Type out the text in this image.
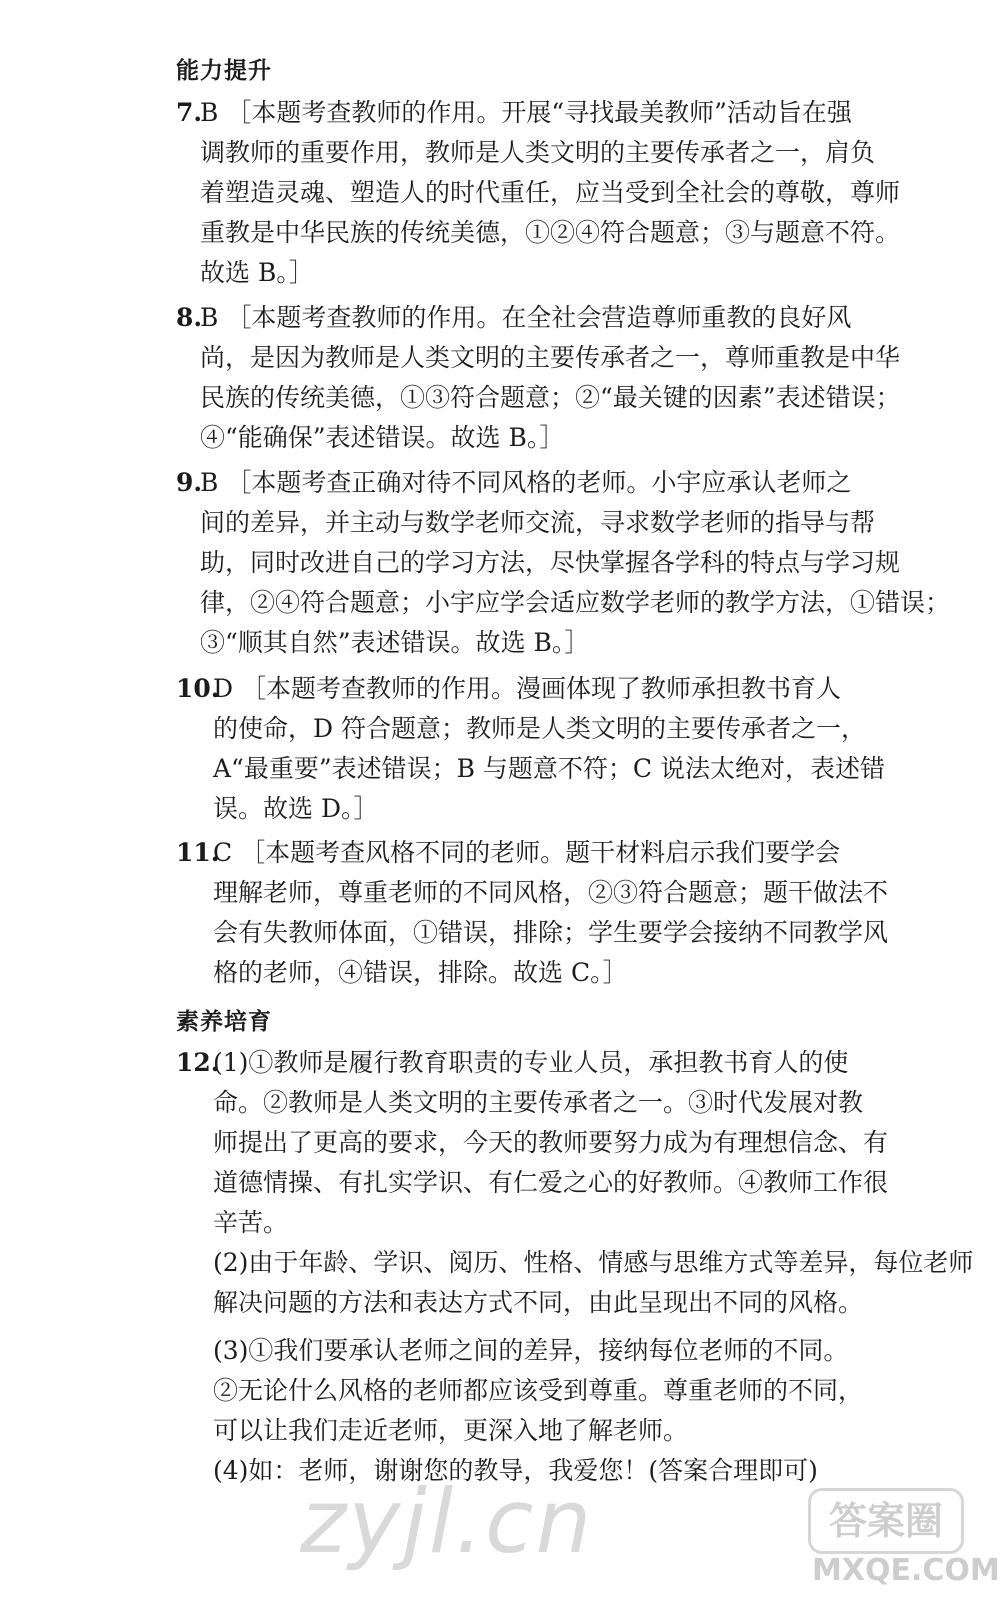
能力提升
7.
B ［本题考查教师的作用。开展“寻找最美教师”活动旨在强
调教师的重要作用，教师是人类文明的主要传承者之一，肩负
着塑造灵魂、塑造人的时代重任，应当受到全社会的尊敬，尊师
重教是中华民族的传统美德，①②④符合题意；③与题意不符。
故选 B。］
8.
B ［本题考查教师的作用。在全社会营造尊师重教的良好风
尚，是因为教师是人类文明的主要传承者之一，尊师重教是中华
民族的传统美德，①③符合题意；②“最关键的因素”表述错误；
④“能确保”表述错误。故选 B。］
9.
B ［本题考查正确对待不同风格的老师。小宇应承认老师之
间的差异，并主动与数学老师交流，寻求数学老师的指导与帮
助，同时改进自己的学习方法，尽快掌握各学科的特点与学习规
律，②④符合题意；小宇应学会适应数学老师的教学方法，①错误；
③“顺其自然”表述错误。故选 B。］
10.
D ［本题考查教师的作用。漫画体现了教师承担教书育人
的使命，D 符合题意；教师是人类文明的主要传承者之一，
A“最重要”表述错误；B 与题意不符；C 说法太绝对，表述错
误。故选 D。］
11.
C ［本题考查风格不同的老师。题干材料启示我们要学会
理解老师，尊重老师的不同风格，②③符合题意；题干做法不
会有失教师体面，①错误，排除；学生要学会接纳不同教学风
格的老师，④错误，排除。故选 C。］
素养培育
12.
(1)①教师是履行教育职责的专业人员，承担教书育人的使
命。②教师是人类文明的主要传承者之一。③时代发展对教
师提出了更高的要求，今天的教师要努力成为有理想信念、有
道德情操、有扎实学识、有仁爱之心的好教师。④教师工作很
辛苦。
(2)由于年龄、学识、阅历、性格、情感与思维方式等差异，每位老师
解决问题的方法和表达方式不同，由此呈现出不同的风格。
(3)①我们要承认老师之间的差异，接纳每位老师的不同。
②无论什么风格的老师都应该受到尊重。尊重老师的不同，
可以让我们走近老师，更深入地了解老师。
(4)如：老师，谢谢您的教导，我爱您！(答案合理即可)
zyjl.cn	答案圈
MXQE.COM
